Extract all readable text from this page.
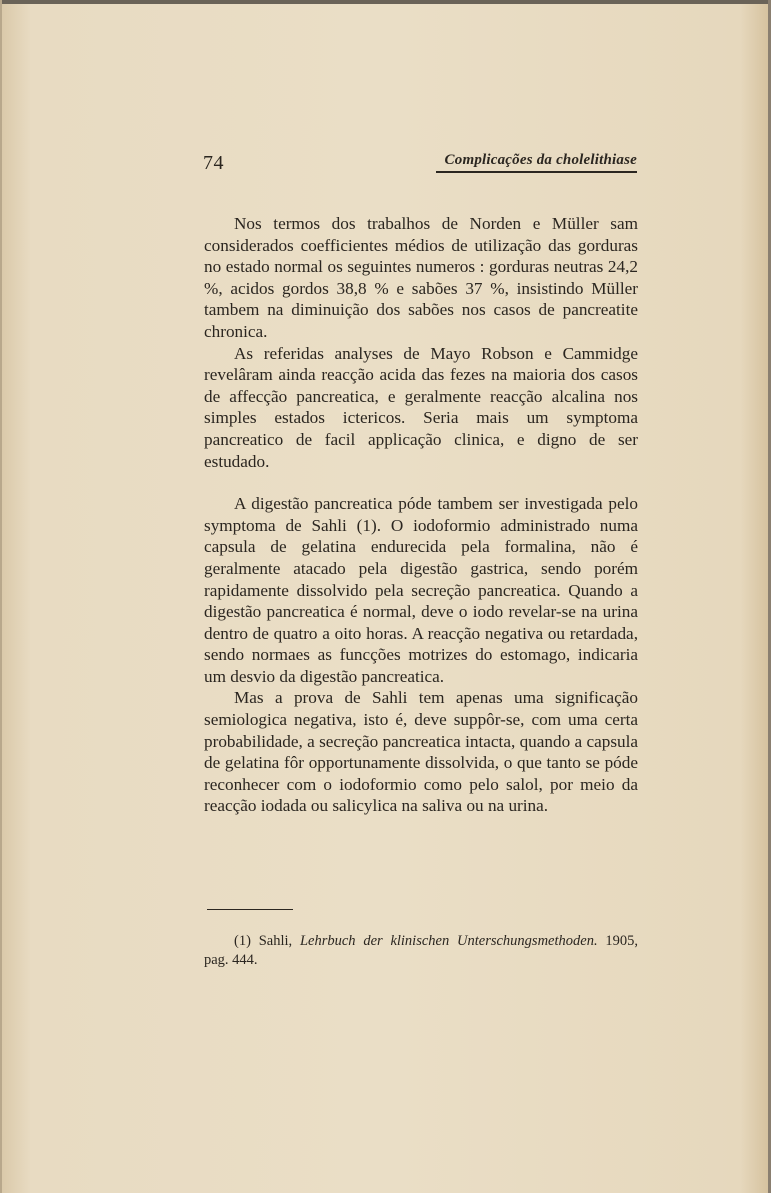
74	Complicações da cholelithiase

Nos termos dos trabalhos de Norden e Müller sam considerados coefficientes médios de utilização das gorduras no estado normal os seguintes numeros : gorduras neutras 24,2 %, acidos gordos 38,8 % e sabões 37 %, insistindo Müller tambem na diminuição dos sabões nos casos de pancreatite chronica.

As referidas analyses de Mayo Robson e Cammidge revelâram ainda reacção acida das fezes na maioria dos casos de affecção pancreatica, e geralmente reacção alcalina nos simples estados ictericos. Seria mais um symptoma pancreatico de facil applicação clinica, e digno de ser estudado.

A digestão pancreatica póde tambem ser investigada pelo symptoma de Sahli (1). O iodoformio administrado numa capsula de gelatina endurecida pela formalina, não é geralmente atacado pela digestão gastrica, sendo porém rapidamente dissolvido pela secreção pancreatica. Quando a digestão pancreatica é normal, deve o iodo revelar-se na urina dentro de quatro a oito horas. A reacção negativa ou retardada, sendo normaes as funcções motrizes do estomago, indicaria um desvio da digestão pancreatica.

Mas a prova de Sahli tem apenas uma significação semiologica negativa, isto é, deve suppôr-se, com uma certa probabilidade, a secreção pancreatica intacta, quando a capsula de gelatina fôr opportunamente dissolvida, o que tanto se póde reconhecer com o iodoformio como pelo salol, por meio da reacção iodada ou salicylica na saliva ou na urina.

(1) Sahli, Lehrbuch der klinischen Unterschungsmethoden. 1905, pag. 444.
